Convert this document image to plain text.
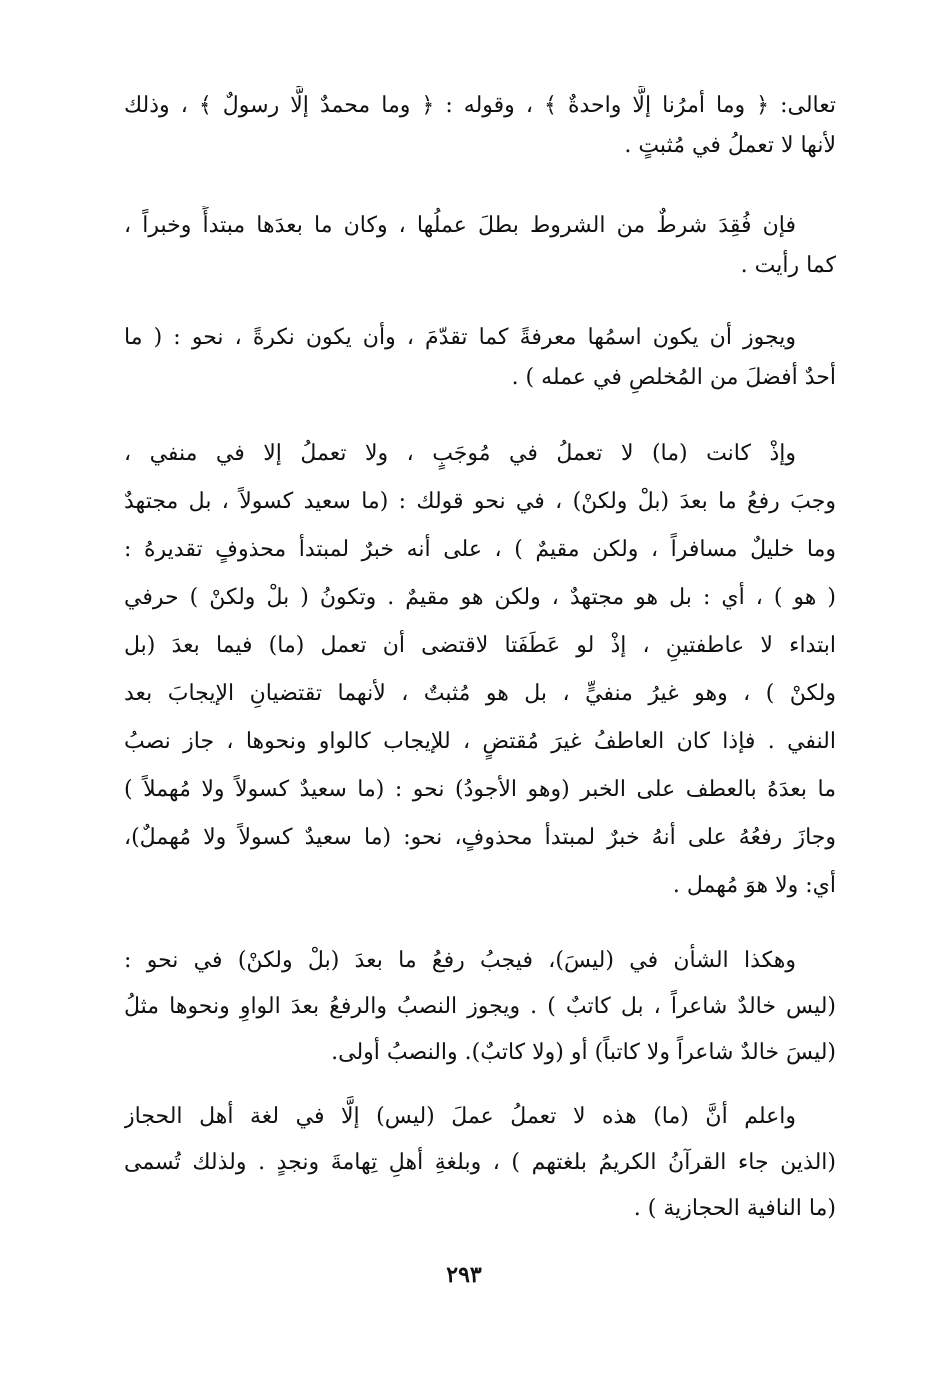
تعالى: ﴿ وما أمرُنا إلَّا واحدةٌ ﴾ ، وقوله : ﴿ وما محمدٌ إلَّا رسولٌ ﴾ ، وذلك
لأنها لا تعملُ في مُثبتٍ .
فإن فُقِدَ شرطٌ من الشروط بطلَ عملُها ، وكان ما بعدَها مبتدأً وخبراً ،
كما رأيت .
ويجوز أن يكون اسمُها معرفةً كما تقدّمَ ، وأن يكون نكرةً ، نحو : ( ما
أحدٌ أفضلَ من المُخلصِ في عمله ) .
وإذْ كانت (ما) لا تعملُ في مُوجَبٍ ، ولا تعملُ إلا في منفي ،
وجبَ رفعُ ما بعدَ (بلْ ولكنْ) ، في نحو قولك : (ما سعيد كسولاً ، بل مجتهدٌ
وما خليلٌ مسافراً ، ولكن مقيمٌ ) ، على أنه خبرٌ لمبتدأ محذوفٍ تقديرهُ :
( هو ) ، أي : بل هو مجتهدٌ ، ولكن هو مقيمٌ . وتكونُ ( بلْ ولكنْ ) حرفي
ابتداء لا عاطفتينِ ، إذْ لو عَطَفَتا لاقتضى أن تعمل (ما) فيما بعدَ (بل
ولكنْ ) ، وهو غيرُ منفيٍّ ، بل هو مُثبتٌ ، لأنهما تقتضيانِ الإيجابَ بعد
النفي . فإذا كان العاطفُ غيرَ مُقتضٍ ، للإيجاب كالواو ونحوها ، جاز نصبُ
ما بعدَهُ بالعطف على الخبر (وهو الأجودُ) نحو : (ما سعيدٌ كسولاً ولا مُهملاً )
وجازَ رفعُهُ على أنهُ خبرٌ لمبتدأ محذوفٍ، نحو: (ما سعيدٌ كسولاً ولا مُهملٌ)،
أي: ولا هوَ مُهمل .
وهكذا الشأن في (ليسَ)، فيجبُ رفعُ ما بعدَ (بلْ ولكنْ) في نحو :
(ليس خالدٌ شاعراً ، بل كاتبٌ ) . ويجوز النصبُ والرفعُ بعدَ الواوِ ونحوها مثلُ
(ليسَ خالدٌ شاعراً ولا كاتباً) أو (ولا كاتبٌ). والنصبُ أولى.
واعلم أنَّ (ما) هذه لا تعملُ عملَ (ليس) إلَّا في لغة أهل الحجاز
(الذين جاء القرآنُ الكريمُ بلغتهم ) ، وبلغةِ أهلِ تِهامةَ ونجدٍ . ولذلك تُسمى
(ما النافية الحجازية ) .
٢٩٣
